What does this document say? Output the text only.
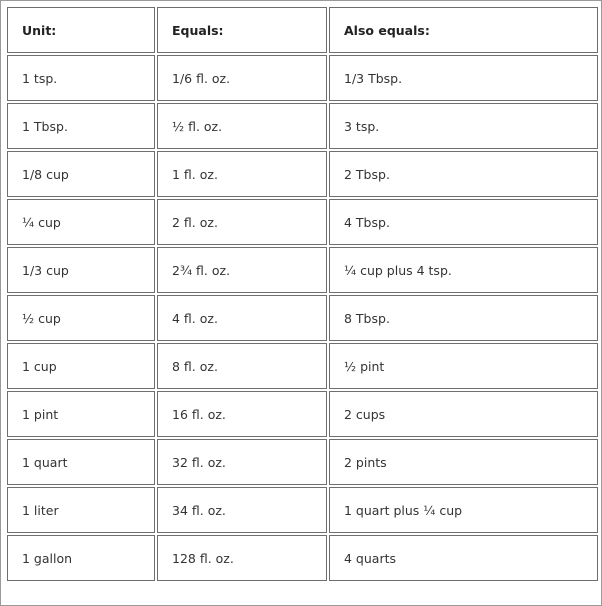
Unit:	Equals:	Also equals:
1 tsp.	1/6 fl. oz.	1/3 Tbsp.
1 Tbsp.	½ fl. oz.	3 tsp.
1/8 cup	1 fl. oz.	2 Tbsp.
¼ cup	2 fl. oz.	4 Tbsp.
1/3 cup	2¾ fl. oz.	¼ cup plus 4 tsp.
½ cup	4 fl. oz.	8 Tbsp.
1 cup	8 fl. oz.	½ pint
1 pint	16 fl. oz.	2 cups
1 quart	32 fl. oz.	2 pints
1 liter	34 fl. oz.	1 quart plus ¼ cup
1 gallon	128 fl. oz.	4 quarts
